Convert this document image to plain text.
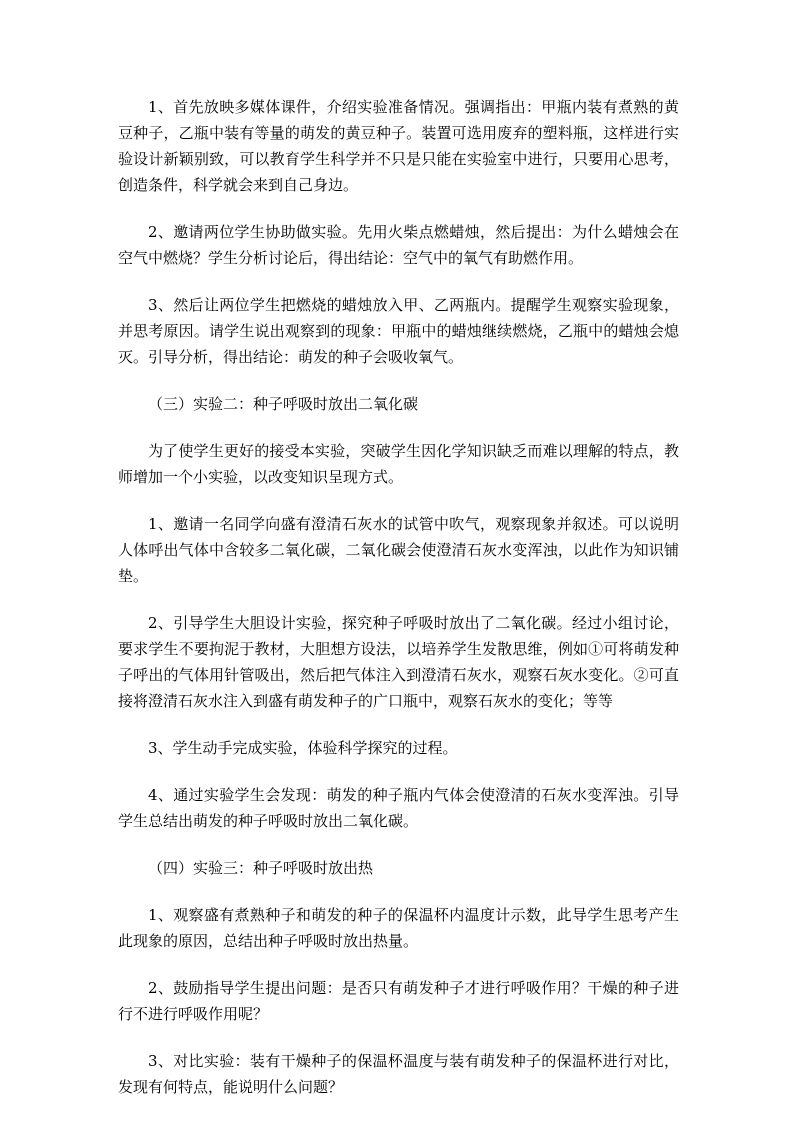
1、首先放映多媒体课件，介绍实验准备情况。强调指出：甲瓶内装有煮熟的黄豆种子，乙瓶中装有等量的萌发的黄豆种子。装置可选用废弃的塑料瓶，这样进行实验设计新颖别致，可以教育学生科学并不只是只能在实验室中进行，只要用心思考，创造条件，科学就会来到自己身边。

2、邀请两位学生协助做实验。先用火柴点燃蜡烛，然后提出：为什么蜡烛会在空气中燃烧？学生分析讨论后，得出结论：空气中的氧气有助燃作用。

3、然后让两位学生把燃烧的蜡烛放入甲、乙两瓶内。提醒学生观察实验现象，并思考原因。请学生说出观察到的现象：甲瓶中的蜡烛继续燃烧，乙瓶中的蜡烛会熄灭。引导分析，得出结论：萌发的种子会吸收氧气。

（三）实验二：种子呼吸时放出二氧化碳

为了使学生更好的接受本实验，突破学生因化学知识缺乏而难以理解的特点，教师增加一个小实验，以改变知识呈现方式。

1、邀请一名同学向盛有澄清石灰水的试管中吹气，观察现象并叙述。可以说明人体呼出气体中含较多二氧化碳，二氧化碳会使澄清石灰水变浑浊，以此作为知识铺垫。

2、引导学生大胆设计实验，探究种子呼吸时放出了二氧化碳。经过小组讨论，要求学生不要拘泥于教材，大胆想方设法，以培养学生发散思维，例如①可将萌发种子呼出的气体用针管吸出，然后把气体注入到澄清石灰水，观察石灰水变化。②可直接将澄清石灰水注入到盛有萌发种子的广口瓶中，观察石灰水的变化；等等

3、学生动手完成实验，体验科学探究的过程。

4、通过实验学生会发现：萌发的种子瓶内气体会使澄清的石灰水变浑浊。引导学生总结出萌发的种子呼吸时放出二氧化碳。

（四）实验三：种子呼吸时放出热

1、观察盛有煮熟种子和萌发的种子的保温杯内温度计示数，此导学生思考产生此现象的原因，总结出种子呼吸时放出热量。

2、鼓励指导学生提出问题：是否只有萌发种子才进行呼吸作用？干燥的种子进行不进行呼吸作用呢？

3、对比实验：装有干燥种子的保温杯温度与装有萌发种子的保温杯进行对比，发现有何特点，能说明什么问题？
